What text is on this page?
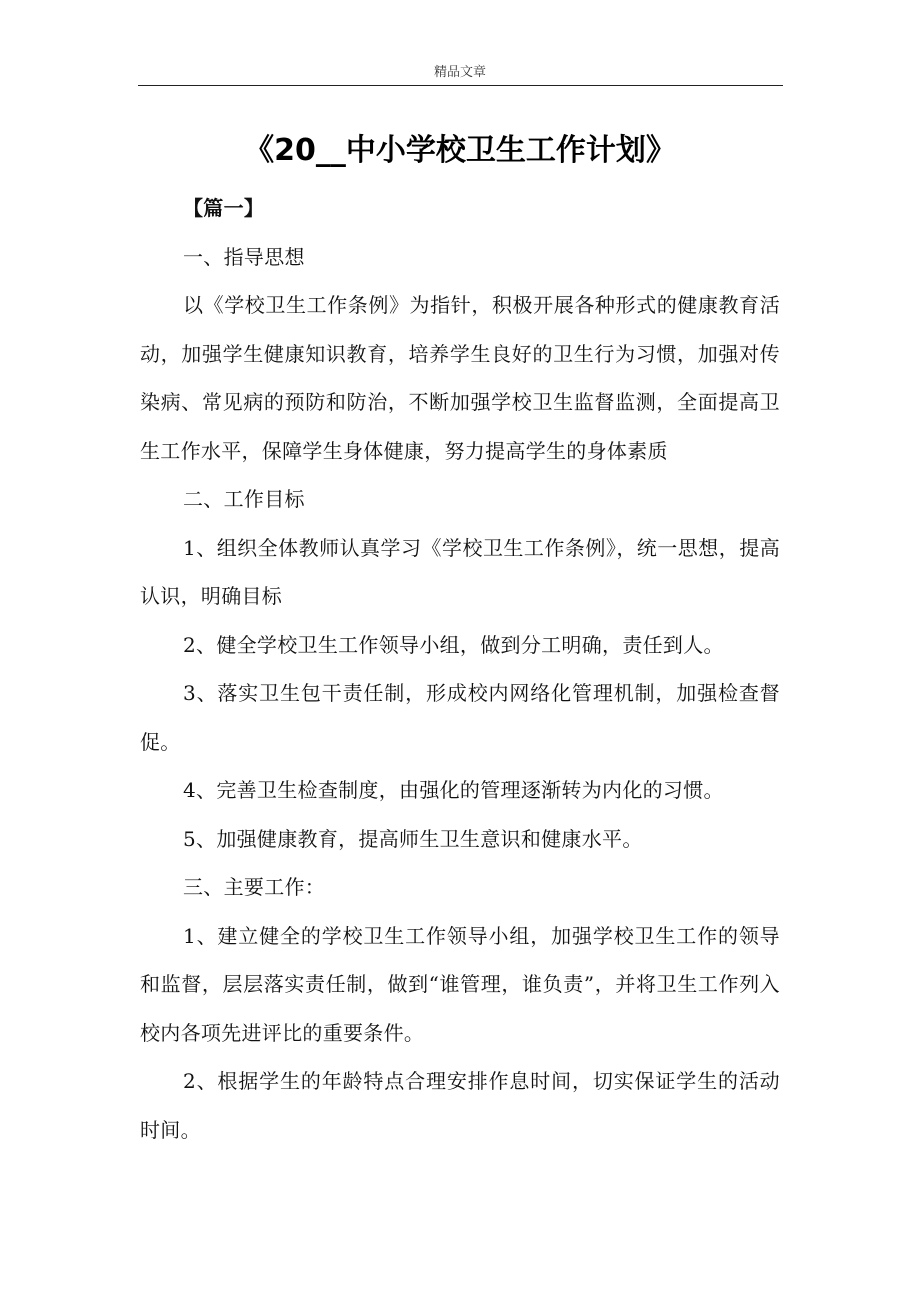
精品文章
《20__中小学校卫生工作计划》

【篇一】

一、指导思想

以《学校卫生工作条例》为指针，积极开展各种形式的健康教育活动，加强学生健康知识教育，培养学生良好的卫生行为习惯，加强对传染病、常见病的预防和防治，不断加强学校卫生监督监测，全面提高卫生工作水平，保障学生身体健康，努力提高学生的身体素质

二、工作目标

1、组织全体教师认真学习《学校卫生工作条例》，统一思想，提高认识，明确目标

2、健全学校卫生工作领导小组，做到分工明确，责任到人。

3、落实卫生包干责任制，形成校内网络化管理机制，加强检查督促。

4、完善卫生检查制度，由强化的管理逐渐转为内化的习惯。

5、加强健康教育，提高师生卫生意识和健康水平。

三、主要工作：

1、建立健全的学校卫生工作领导小组，加强学校卫生工作的领导和监督，层层落实责任制，做到“谁管理，谁负责”，并将卫生工作列入校内各项先进评比的重要条件。

2、根据学生的年龄特点合理安排作息时间，切实保证学生的活动时间。
